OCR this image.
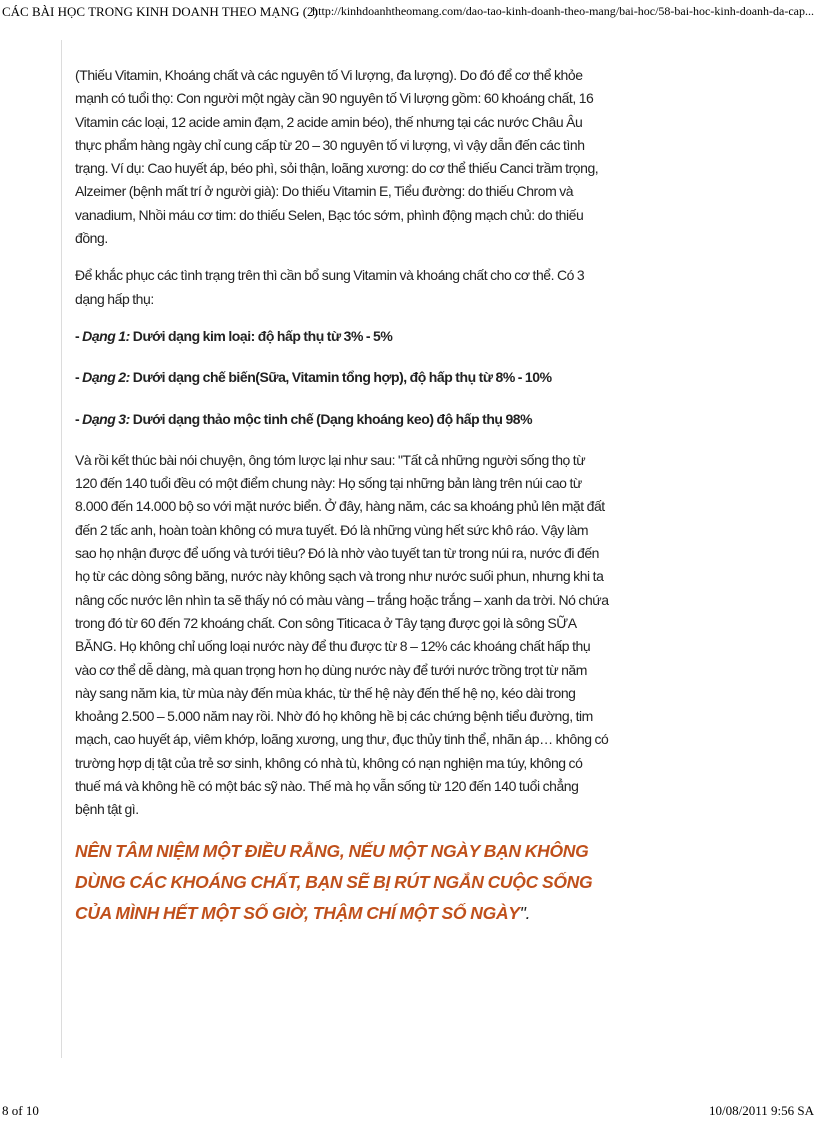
CÁC BÀI HỌC TRONG KINH DOANH THEO MẠNG (2)
http://kinhdoanhtheomang.com/dao-tao-kinh-doanh-theo-mang/bai-hoc/58-bai-hoc-kinh-doanh-da-cap...

(Thiếu Vitamin, Khoáng chất và các nguyên tố Vi lượng, đa lượng). Do đó để cơ thể khỏe mạnh có tuổi thọ: Con người một ngày cần 90 nguyên tố Vi lượng gồm: 60 khoáng chất, 16 Vitamin các loại, 12 acide amin đạm, 2 acide amin béo), thế nhưng tại các nước Châu Âu thực phẩm hàng ngày chỉ cung cấp từ 20 – 30 nguyên tố vi lượng, vì vậy dẫn đến các tình trạng. Ví dụ: Cao huyết áp, béo phì, sỏi thận, loãng xương: do cơ thể thiếu Canci trầm trọng, Alzeimer (bệnh mất trí ở người già): Do thiếu Vitamin E, Tiểu đường: do thiếu Chrom và vanadium, Nhồi máu cơ tim: do thiếu Selen, Bạc tóc sớm, phình động mạch chủ: do thiếu đồng.

Để khắc phục các tình trạng trên thì cần bổ sung Vitamin và khoáng chất cho cơ thể. Có 3 dạng hấp thụ:

- Dạng 1: Dưới dạng kim loại: độ hấp thụ từ 3% - 5%

- Dạng 2: Dưới dạng chế biến(Sữa, Vitamin tổng hợp), độ hấp thụ từ 8% - 10%

- Dạng 3: Dưới dạng thảo mộc tinh chế (Dạng khoáng keo) độ hấp thụ 98%

Và rồi kết thúc bài nói chuyện, ông tóm lược lại như sau: "Tất cả những người sống thọ từ 120 đến 140 tuổi đều có một điểm chung này: Họ sống tại những bản làng trên núi cao từ 8.000 đến 14.000 bộ so với mặt nước biển. Ở đây, hàng năm, các sa khoáng phủ lên mặt đất đến 2 tấc anh, hoàn toàn không có mưa tuyết. Đó là những vùng hết sức khô ráo. Vậy làm sao họ nhận được để uống và tưới tiêu? Đó là nhờ vào tuyết tan từ trong núi ra, nước đi đến họ từ các dòng sông băng, nước này không sạch và trong như nước suối phun, nhưng khi ta nâng cốc nước lên nhìn ta sẽ thấy nó có màu vàng – trắng hoặc trắng – xanh da trời. Nó chứa trong đó từ 60 đến 72 khoáng chất. Con sông Titicaca ở Tây tạng được gọi là sông SỮA BĂNG. Họ không chỉ uống loại nước này để thu được từ 8 – 12% các khoáng chất hấp thụ vào cơ thể dễ dàng, mà quan trọng hơn họ dùng nước này để tưới nước trồng trọt từ năm này sang năm kia, từ mùa này đến mùa khác, từ thế hệ này đến thế hệ nọ, kéo dài trong khoảng 2.500 – 5.000 năm nay rồi. Nhờ đó họ không hề bị các chứng bệnh tiểu đường, tim mạch, cao huyết áp, viêm khớp, loãng xương, ung thư, đục thủy tinh thể, nhãn áp… không có trường hợp dị tật của trẻ sơ sinh, không có nhà tù, không có nạn nghiện ma túy, không có thuế má và không hề có một bác sỹ nào. Thế mà họ vẫn sống từ 120 đến 140 tuổi chẳng bệnh tật gì.

NÊN TÂM NIỆM MỘT ĐIỀU RẰNG, NẾU MỘT NGÀY BẠN KHÔNG DÙNG CÁC KHOÁNG CHẤT, BẠN SẼ BỊ RÚT NGẮN CUỘC SỐNG CỦA MÌNH HẾT MỘT SỐ GIỜ, THẬM CHÍ MỘT SỐ NGÀY".

8 of 10	10/08/2011 9:56 SA
